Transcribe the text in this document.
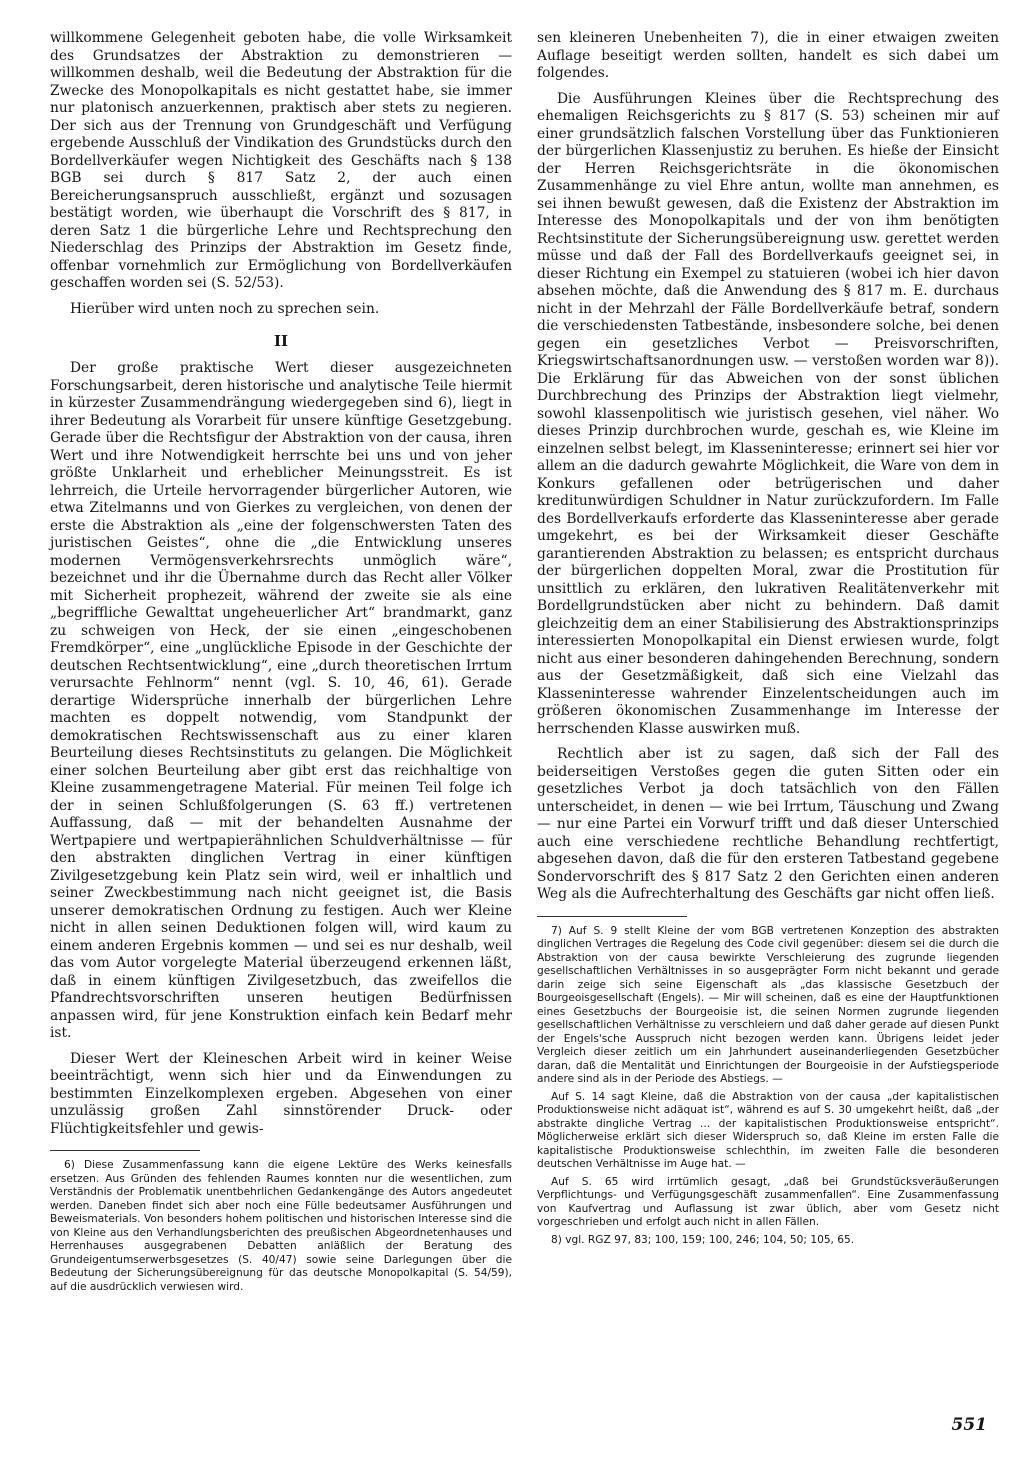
willkommene Gelegenheit geboten habe, die volle Wirksamkeit des Grundsatzes der Abstraktion zu demonstrieren — willkommen deshalb, weil die Bedeutung der Abstraktion für die Zwecke des Monopolkapitals es nicht gestattet habe, sie immer nur platonisch anzuerkennen, praktisch aber stets zu negieren. Der sich aus der Trennung von Grundgeschäft und Verfügung ergebende Ausschluß der Vindikation des Grundstücks durch den Bordellverkäufer wegen Nichtigkeit des Geschäfts nach § 138 BGB sei durch § 817 Satz 2, der auch einen Bereicherungsanspruch ausschließt, ergänzt und sozusagen bestätigt worden, wie überhaupt die Vorschrift des § 817, in deren Satz 1 die bürgerliche Lehre und Rechtsprechung den Niederschlag des Prinzips der Abstraktion im Gesetz finde, offenbar vornehmlich zur Ermöglichung von Bordellverkäufen geschaffen worden sei (S. 52/53).

Hierüber wird unten noch zu sprechen sein.

II

Der große praktische Wert dieser ausgezeichneten Forschungsarbeit, deren historische und analytische Teile hiermit in kürzester Zusammendrängung wiedergegeben sind 6), liegt in ihrer Bedeutung als Vorarbeit für unsere künftige Gesetzgebung. Gerade über die Rechtsfigur der Abstraktion von der causa, ihren Wert und ihre Notwendigkeit herrschte bei uns und von jeher größte Unklarheit und erheblicher Meinungsstreit. Es ist lehrreich, die Urteile hervorragender bürgerlicher Autoren, wie etwa Zitelmanns und von Gierkes zu vergleichen, von denen der erste die Abstraktion als „eine der folgenschwersten Taten des juristischen Geistes“, ohne die „die Entwicklung unseres modernen Vermögensverkehrsrechts unmöglich wäre“, bezeichnet und ihr die Übernahme durch das Recht aller Völker mit Sicherheit prophezeit, während der zweite sie als eine „begriffliche Gewalttat ungeheuerlicher Art“ brandmarkt, ganz zu schweigen von Heck, der sie einen „eingeschobenen Fremdkörper“, eine „unglückliche Episode in der Geschichte der deutschen Rechtsentwicklung“, eine „durch theoretischen Irrtum verursachte Fehlnorm“ nennt (vgl. S. 10, 46, 61). Gerade derartige Widersprüche innerhalb der bürgerlichen Lehre machten es doppelt notwendig, vom Standpunkt der demokratischen Rechtswissenschaft aus zu einer klaren Beurteilung dieses Rechtsinstituts zu gelangen. Die Möglichkeit einer solchen Beurteilung aber gibt erst das reichhaltige von Kleine zusammengetragene Material. Für meinen Teil folge ich der in seinen Schlußfolgerungen (S. 63 ff.) vertretenen Auffassung, daß — mit der behandelten Ausnahme der Wertpapiere und wertpapierähnlichen Schuldverhältnisse — für den abstrakten dinglichen Vertrag in einer künftigen Zivilgesetzgebung kein Platz sein wird, weil er inhaltlich und seiner Zweckbestimmung nach nicht geeignet ist, die Basis unserer demokratischen Ordnung zu festigen. Auch wer Kleine nicht in allen seinen Deduktionen folgen will, wird kaum zu einem anderen Ergebnis kommen — und sei es nur deshalb, weil das vom Autor vorgelegte Material überzeugend erkennen läßt, daß in einem künftigen Zivilgesetzbuch, das zweifellos die Pfandrechtsvorschriften unseren heutigen Bedürfnissen anpassen wird, für jene Konstruktion einfach kein Bedarf mehr ist.

Dieser Wert der Kleineschen Arbeit wird in keiner Weise beeinträchtigt, wenn sich hier und da Einwendungen zu bestimmten Einzelkomplexen ergeben. Abgesehen von einer unzulässig großen Zahl sinnstörender Druck- oder Flüchtigkeitsfehler und gewis-

6) Diese Zusammenfassung kann die eigene Lektüre des Werks keinesfalls ersetzen. Aus Gründen des fehlenden Raumes konnten nur die wesentlichen, zum Verständnis der Problematik unentbehrlichen Gedankengänge des Autors angedeutet werden. Daneben findet sich aber noch eine Fülle bedeutsamer Ausführungen und Beweismaterials. Von besonders hohem politischen und historischen Interesse sind die von Kleine aus den Verhandlungsberichten des preußischen Abgeordnetenhauses und Herrenhauses ausgegrabenen Debatten anläßlich der Beratung des Grundeigentumserwerbsgesetzes (S. 40/47) sowie seine Darlegungen über die Bedeutung der Sicherungsübereignung für das deutsche Monopolkapital (S. 54/59), auf die ausdrücklich verwiesen wird.

sen kleineren Unebenheiten 7), die in einer etwaigen zweiten Auflage beseitigt werden sollten, handelt es sich dabei um folgendes.

Die Ausführungen Kleines über die Rechtsprechung des ehemaligen Reichsgerichts zu § 817 (S. 53) scheinen mir auf einer grundsätzlich falschen Vorstellung über das Funktionieren der bürgerlichen Klassenjustiz zu beruhen. Es hieße der Einsicht der Herren Reichsgerichtsräte in die ökonomischen Zusammenhänge zu viel Ehre antun, wollte man annehmen, es sei ihnen bewußt gewesen, daß die Existenz der Abstraktion im Interesse des Monopolkapitals und der von ihm benötigten Rechtsinstitute der Sicherungsübereignung usw. gerettet werden müsse und daß der Fall des Bordellverkaufs geeignet sei, in dieser Richtung ein Exempel zu statuieren (wobei ich hier davon absehen möchte, daß die Anwendung des § 817 m. E. durchaus nicht in der Mehrzahl der Fälle Bordellverkäufe betraf, sondern die verschiedensten Tatbestände, insbesondere solche, bei denen gegen ein gesetzliches Verbot — Preisvorschriften, Kriegswirtschaftsanordnungen usw. — verstoßen worden war 8)). Die Erklärung für das Abweichen von der sonst üblichen Durchbrechung des Prinzips der Abstraktion liegt vielmehr, sowohl klassenpolitisch wie juristisch gesehen, viel näher. Wo dieses Prinzip durchbrochen wurde, geschah es, wie Kleine im einzelnen selbst belegt, im Klasseninteresse; erinnert sei hier vor allem an die dadurch gewahrte Möglichkeit, die Ware von dem in Konkurs gefallenen oder betrügerischen und daher kreditunwürdigen Schuldner in Natur zurückzufordern. Im Falle des Bordellverkaufs erforderte das Klasseninteresse aber gerade umgekehrt, es bei der Wirksamkeit dieser Geschäfte garantierenden Abstraktion zu belassen; es entspricht durchaus der bürgerlichen doppelten Moral, zwar die Prostitution für unsittlich zu erklären, den lukrativen Realitätenverkehr mit Bordellgrundstücken aber nicht zu behindern. Daß damit gleichzeitig dem an einer Stabilisierung des Abstraktionsprinzips interessierten Monopolkapital ein Dienst erwiesen wurde, folgt nicht aus einer besonderen dahingehenden Berechnung, sondern aus der Gesetzmäßigkeit, daß sich eine Vielzahl das Klasseninteresse wahrender Einzelentscheidungen auch im größeren ökonomischen Zusammenhange im Interesse der herrschenden Klasse auswirken muß.

Rechtlich aber ist zu sagen, daß sich der Fall des beiderseitigen Verstoßes gegen die guten Sitten oder ein gesetzliches Verbot ja doch tatsächlich von den Fällen unterscheidet, in denen — wie bei Irrtum, Täuschung und Zwang — nur eine Partei ein Vorwurf trifft und daß dieser Unterschied auch eine verschiedene rechtliche Behandlung rechtfertigt, abgesehen davon, daß die für den ersteren Tatbestand gegebene Sondervorschrift des § 817 Satz 2 den Gerichten einen anderen Weg als die Aufrechterhaltung des Geschäfts gar nicht offen ließ.

7) Auf S. 9 stellt Kleine der vom BGB vertretenen Konzeption des abstrakten dinglichen Vertrages die Regelung des Code civil gegenüber: diesem sei die durch die Abstraktion von der causa bewirkte Verschleierung des zugrunde liegenden gesellschaftlichen Verhältnisses in so ausgeprägter Form nicht bekannt und gerade darin zeige sich seine Eigenschaft als „das klassische Gesetzbuch der Bourgeoisgesellschaft (Engels). — Mir will scheinen, daß es eine der Hauptfunktionen eines Gesetzbuchs der Bourgeoisie ist, die seinen Normen zugrunde liegenden gesellschaftlichen Verhältnisse zu verschleiern und daß daher gerade auf diesen Punkt der Engels'sche Ausspruch nicht bezogen werden kann. Übrigens leidet jeder Vergleich dieser zeitlich um ein Jahrhundert auseinanderliegenden Gesetzbücher daran, daß die Mentalität und Einrichtungen der Bourgeoisie in der Aufstiegsperiode andere sind als in der Periode des Abstiegs. —
Auf S. 14 sagt Kleine, daß die Abstraktion von der causa „der kapitalistischen Produktionsweise nicht adäquat ist“, während es auf S. 30 umgekehrt heißt, daß „der abstrakte dingliche Vertrag ... der kapitalistischen Produktionsweise entspricht“. Möglicherweise erklärt sich dieser Widerspruch so, daß Kleine im ersten Falle die kapitalistische Produktionsweise schlechthin, im zweiten Falle die besonderen deutschen Verhältnisse im Auge hat. —
Auf S. 65 wird irrtümlich gesagt, „daß bei Grundstücksveräußerungen Verpflichtungs- und Verfügungsgeschäft zusammenfallen“. Eine Zusammenfassung von Kaufvertrag und Auflassung ist zwar üblich, aber vom Gesetz nicht vorgeschrieben und erfolgt auch nicht in allen Fällen.
8) vgl. RGZ 97, 83; 100, 159; 100, 246; 104, 50; 105, 65.
551
